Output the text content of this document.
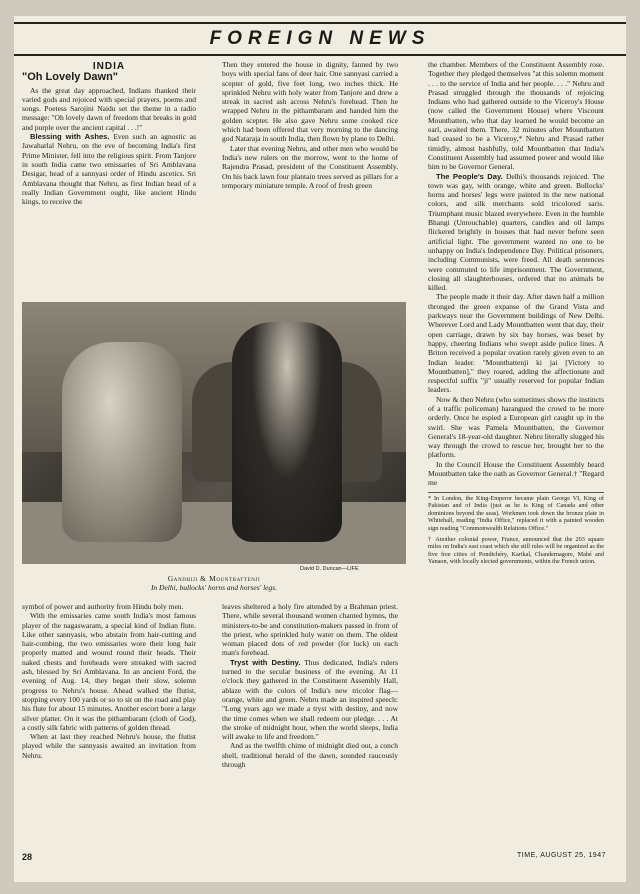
FOREIGN NEWS
INDIA
"Oh Lovely Dawn"

As the great day approached, Indians thanked their varied gods and rejoiced with special prayers, poems and songs. Poetess Sarojini Naidu set the theme in a radio message: "Oh lovely dawn of freedom that breaks in gold and purple over the ancient capital . . .!"

Blessing with Ashes. Even such an agnostic as Jawaharlal Nehru, on the eve of becoming India's first Prime Minister, fell into the religious spirit. From Tanjore in south India came two emissaries of Sri Amblavana Desigar, head of a sannyasi order of Hindu ascetics. Sri Amblavana thought that Nehru, as first Indian head of a really Indian Government ought, like ancient Hindu kings, to receive the

Then they entered the house in dignity, fanned by two boys with special fans of deer hair. One sannyasi carried a scepter of gold, five feet long, two inches thick. He sprinkled Nehru with holy water from Tanjore and drew a streak in sacred ash across Nehru's forehead. Then he wrapped Nehru in the pithambaram and handed him the golden scepter. He also gave Nehru some cooked rice which had been offered that very morning to the dancing god Nataraja in south India, then flown by plane to Delhi.

Later that evening Nehru, and other men who would be India's new rulers on the morrow, went to the home of Rajendra Prasad, president of the Constituent Assembly. On his back lawn four plantain trees served as pillars for a temporary miniature temple. A roof of fresh green

the chamber. Members of the Constituent Assembly rose. Together they pledged themselves "at this solemn moment . . . to the service of India and her people. . . ." Nehru and Prasad struggled through the thousands of rejoicing Indians who had gathered outside to the Viceroy's House (now called the Government House) where Viscount Mountbatten, who that day learned he would become an earl, awaited them. There, 32 minutes after Mountbatten had ceased to be a Viceroy,* Nehru and Prasad rather timidly, almost bashfully, told Mountbatten that India's Constituent Assembly had assumed power and would like him to be Governor General.

The People's Day. Delhi's thousands rejoiced. The town was gay, with orange, white and green. Bullocks' horns and horses' legs were painted in the new national colors, and silk merchants sold tricolored saris. Triumphant music blazed everywhere. Even in the humble Bhangi (Untouchable) quarters, candles and oil lamps flickered brightly in houses that had never before seen artificial light. The government wanted no one to be unhappy on India's Independence Day. Political prisoners, including Communists, were freed. All death sentences were commuted to life imprisonment. The Government, closing all slaughterhouses, ordered that no animals be killed.

The people made it their day. After dawn half a million thronged the green expanse of the Grand Vista and parkways near the Government buildings of New Delhi. Wherever Lord and Lady Mountbatten went that day, their open carriage, drawn by six bay horses, was beset by happy, cheering Indians who swept aside police lines. A Briton received a popular ovation rarely given even to an Indian leader. "Mountbattenji ki jai [Victory to Mountbatten]," they roared, adding the affectionate and respectful suffix "ji" usually reserved for popular Indian leaders.

Now & then Nehru (who sometimes shows the instincts of a traffic policeman) harangued the crowd to be more orderly. Once he espied a European girl caught up in the swirl. She was Pamela Mountbatten, the Governor General's 18-year-old daughter. Nehru literally slugged his way through the crowd to rescue her, brought her to the platform.

In the Council House the Constituent Assembly heard Mountbatten take the oath as Governor General.† "Regard me

* In London, the King-Emperor became plain George VI, King of Pakistan and of India (just as he is King of Canada and other dominions beyond the seas). Workmen took down the bronze plate in Whitehall, reading "India Office," replaced it with a painted wooden sign reading "Commonwealth Relations Office."
† Another colonial power, France, announced that the 203 square miles on India's east coast which she still rules will be organized as the five free cities of Pondichéry, Karikal, Chandernagore, Mahé and Yanaon, with locally elected governments, within the French union.
David D. Duncan—LIFE
Gandhiji & Mountbattenji
In Delhi, bullocks' horns and horses' legs.

symbol of power and authority from Hindu holy men.

With the emissaries came south India's most famous player of the nagaswaram, a special kind of Indian flute. Like other sannyasis, who abstain from hair-cutting and hair-combing, the two emissaries wore their long hair properly matted and wound round their heads. Their naked chests and foreheads were streaked with sacred ash, blessed by Sri Amblavana. In an ancient Ford, the evening of Aug. 14, they began their slow, solemn progress to Nehru's house. Ahead walked the flutist, stopping every 100 yards or so to sit on the road and play his flute for about 15 minutes. Another escort bore a large silver platter. On it was the pithambaram (cloth of God), a costly silk fabric with patterns of golden thread.

When at last they reached Nehru's house, the flutist played while the sannyasis awaited an invitation from Nehru.

leaves sheltered a holy fire attended by a Brahman priest. There, while several thousand women chanted hymns, the ministers-to-be and constitution-makers passed in front of the priest, who sprinkled holy water on them. The oldest woman placed dots of red powder (for luck) on each man's forehead.

Tryst with Destiny. Thus dedicated, India's rulers turned to the secular business of the evening. At 11 o'clock they gathered in the Constituent Assembly Hall, ablaze with the colors of India's new tricolor flag—orange, white and green. Nehru made an inspired speech: "Long years ago we made a tryst with destiny, and now the time comes when we shall redeem our pledge. . . . At the stroke of midnight hour, when the world sleeps, India will awake to life and freedom."

And as the twelfth chime of midnight died out, a conch shell, traditional herald of the dawn, sounded raucously through

28	TIME, AUGUST 25, 1947
